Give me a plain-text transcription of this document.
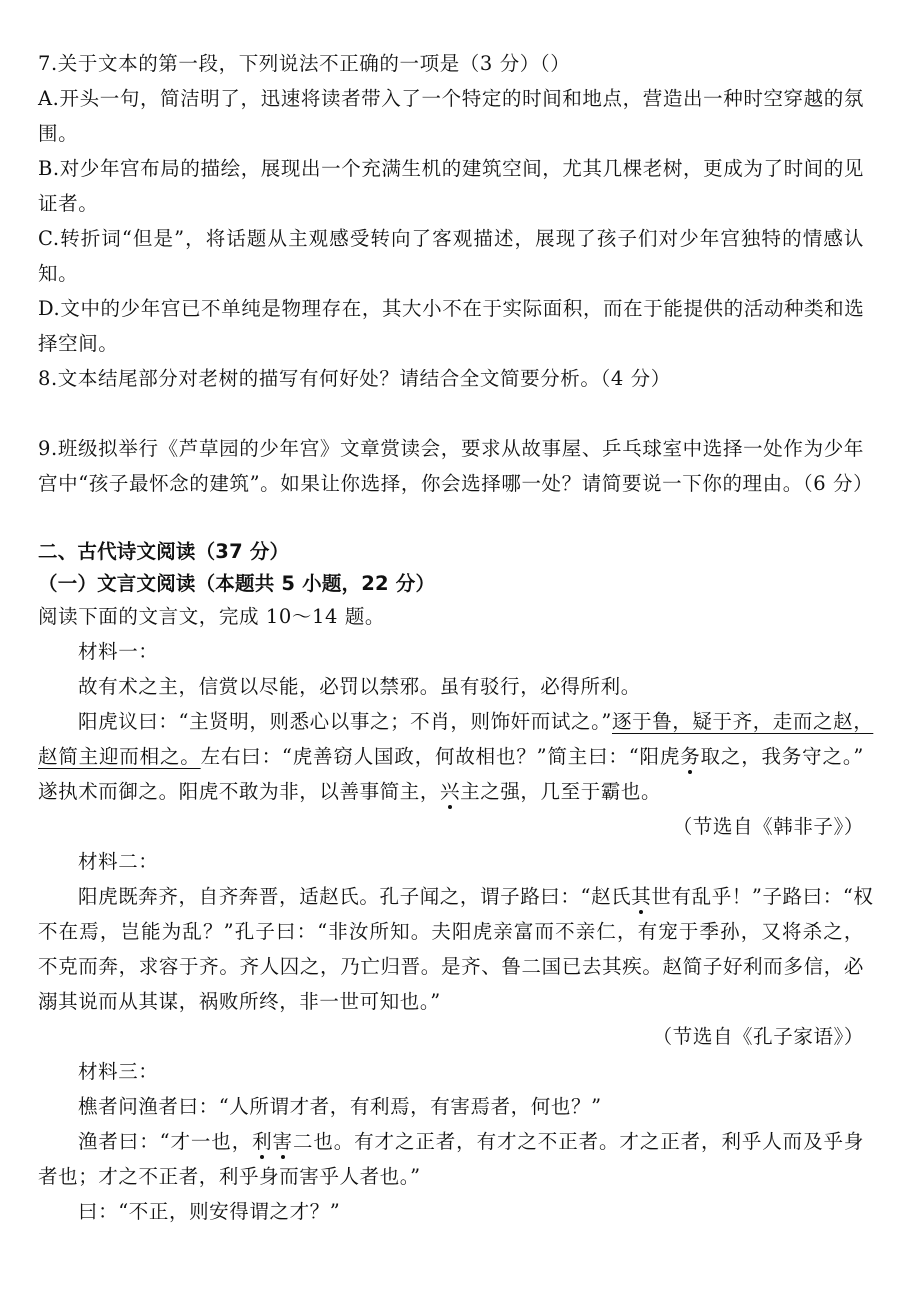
7.关于文本的第一段，下列说法不正确的一项是（3 分）（）
A.开头一句，简洁明了，迅速将读者带入了一个特定的时间和地点，营造出一种时空穿越的氛
围。
B.对少年宫布局的描绘，展现出一个充满生机的建筑空间，尤其几棵老树，更成为了时间的见
证者。
C.转折词“但是”，将话题从主观感受转向了客观描述，展现了孩子们对少年宫独特的情感认
知。
D.文中的少年宫已不单纯是物理存在，其大小不在于实际面积，而在于能提供的活动种类和选
择空间。
8.文本结尾部分对老树的描写有何好处？请结合全文简要分析。（4 分）
9.班级拟举行《芦草园的少年宫》文章赏读会，要求从故事屋、乒乓球室中选择一处作为少年
宫中“孩子最怀念的建筑”。如果让你选择，你会选择哪一处？请简要说一下你的理由。（6 分）
二、古代诗文阅读（37 分）
（一）文言文阅读（本题共 5 小题，22 分）
阅读下面的文言文，完成 10～14 题。
材料一：
故有术之主，信赏以尽能，必罚以禁邪。虽有驳行，必得所利。
阳虎议曰：“主贤明，则悉心以事之；不肖，则饰奸而试之。”逐于鲁，疑于齐，走而之赵，
赵简主迎而相之。左右曰：“虎善窃人国政，何故相也？”简主曰：“阳虎务取之，我务守之。”
遂执术而御之。阳虎不敢为非，以善事简主，兴主之强，几至于霸也。
（节选自《韩非子》）
材料二：
阳虎既奔齐，自齐奔晋，适赵氏。孔子闻之，谓子路曰：“赵氏其世有乱乎！”子路曰：“权
不在焉，岂能为乱？”孔子曰：“非汝所知。夫阳虎亲富而不亲仁，有宠于季孙，又将杀之，
不克而奔，求容于齐。齐人囚之，乃亡归晋。是齐、鲁二国已去其疾。赵简子好利而多信，必
溺其说而从其谋，祸败所终，非一世可知也。”
（节选自《孔子家语》）
材料三：
樵者问渔者曰：“人所谓才者，有利焉，有害焉者，何也？”
渔者曰：“才一也，利害二也。有才之正者，有才之不正者。才之正者，利乎人而及乎身
者也；才之不正者，利乎身而害乎人者也。”
曰：“不正，则安得谓之才？”
